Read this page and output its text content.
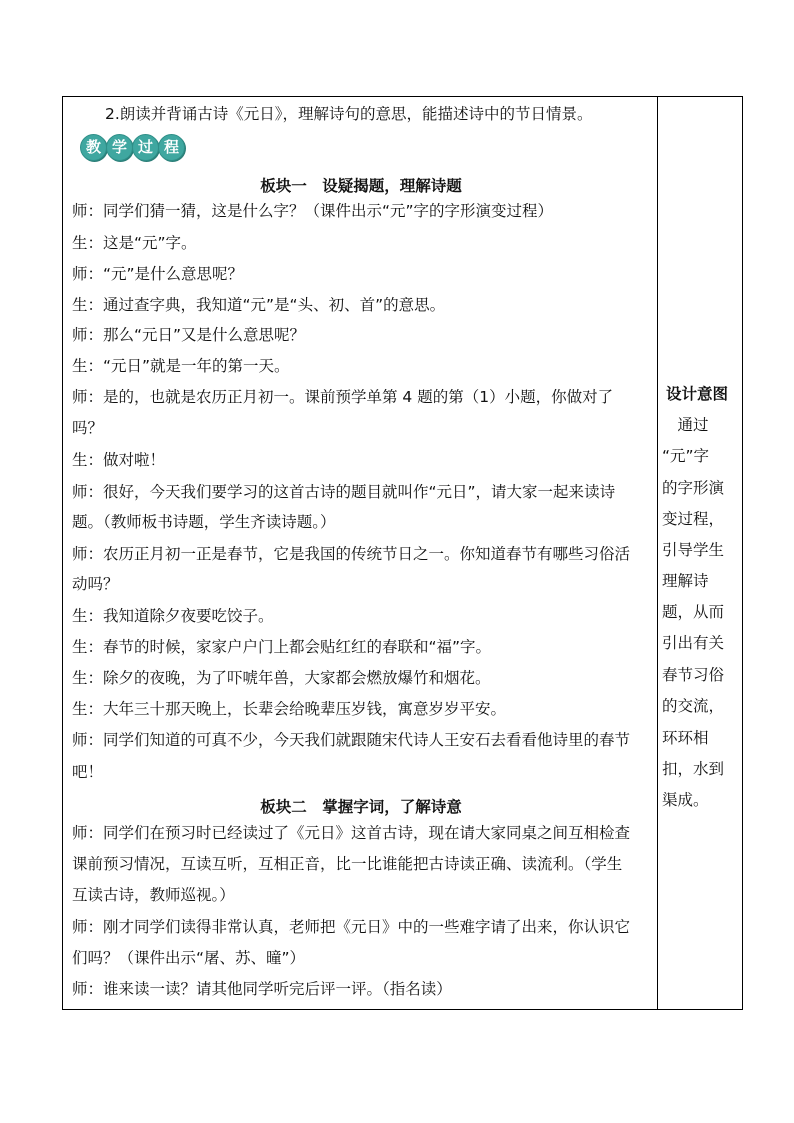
2.朗读并背诵古诗《元日》，理解诗句的意思，能描述诗中的节日情景。
教 学 过 程
板块一　设疑揭题，理解诗题
师：同学们猜一猜，这是什么字？（课件出示“元”字的字形演变过程）
生：这是“元”字。
师：“元”是什么意思呢？
生：通过查字典，我知道“元”是“头、初、首”的意思。
师：那么“元日”又是什么意思呢？
生：“元日”就是一年的第一天。
师：是的，也就是农历正月初一。课前预学单第 4 题的第（1）小题，你做对了
吗？
生：做对啦！
师：很好，今天我们要学习的这首古诗的题目就叫作“元日”，请大家一起来读诗
题。（教师板书诗题，学生齐读诗题。）
师：农历正月初一正是春节，它是我国的传统节日之一。你知道春节有哪些习俗活
动吗？
生：我知道除夕夜要吃饺子。
生：春节的时候，家家户户门上都会贴红红的春联和“福”字。
生：除夕的夜晚，为了吓唬年兽，大家都会燃放爆竹和烟花。
生：大年三十那天晚上，长辈会给晚辈压岁钱，寓意岁岁平安。
师：同学们知道的可真不少，今天我们就跟随宋代诗人王安石去看看他诗里的春节
吧！
板块二　掌握字词，了解诗意
师：同学们在预习时已经读过了《元日》这首古诗，现在请大家同桌之间互相检查
课前预习情况，互读互听，互相正音，比一比谁能把古诗读正确、读流利。（学生
互读古诗，教师巡视。）
师：刚才同学们读得非常认真，老师把《元日》中的一些难字请了出来，你认识它
们吗？（课件出示“屠、苏、曈”）
师：谁来读一读？请其他同学听完后评一评。（指名读）
设计意图
　通过
“元”字
的字形演
变过程，
引导学生
理解诗
题，从而
引出有关
春节习俗
的交流，
环环相
扣，水到
渠成。
